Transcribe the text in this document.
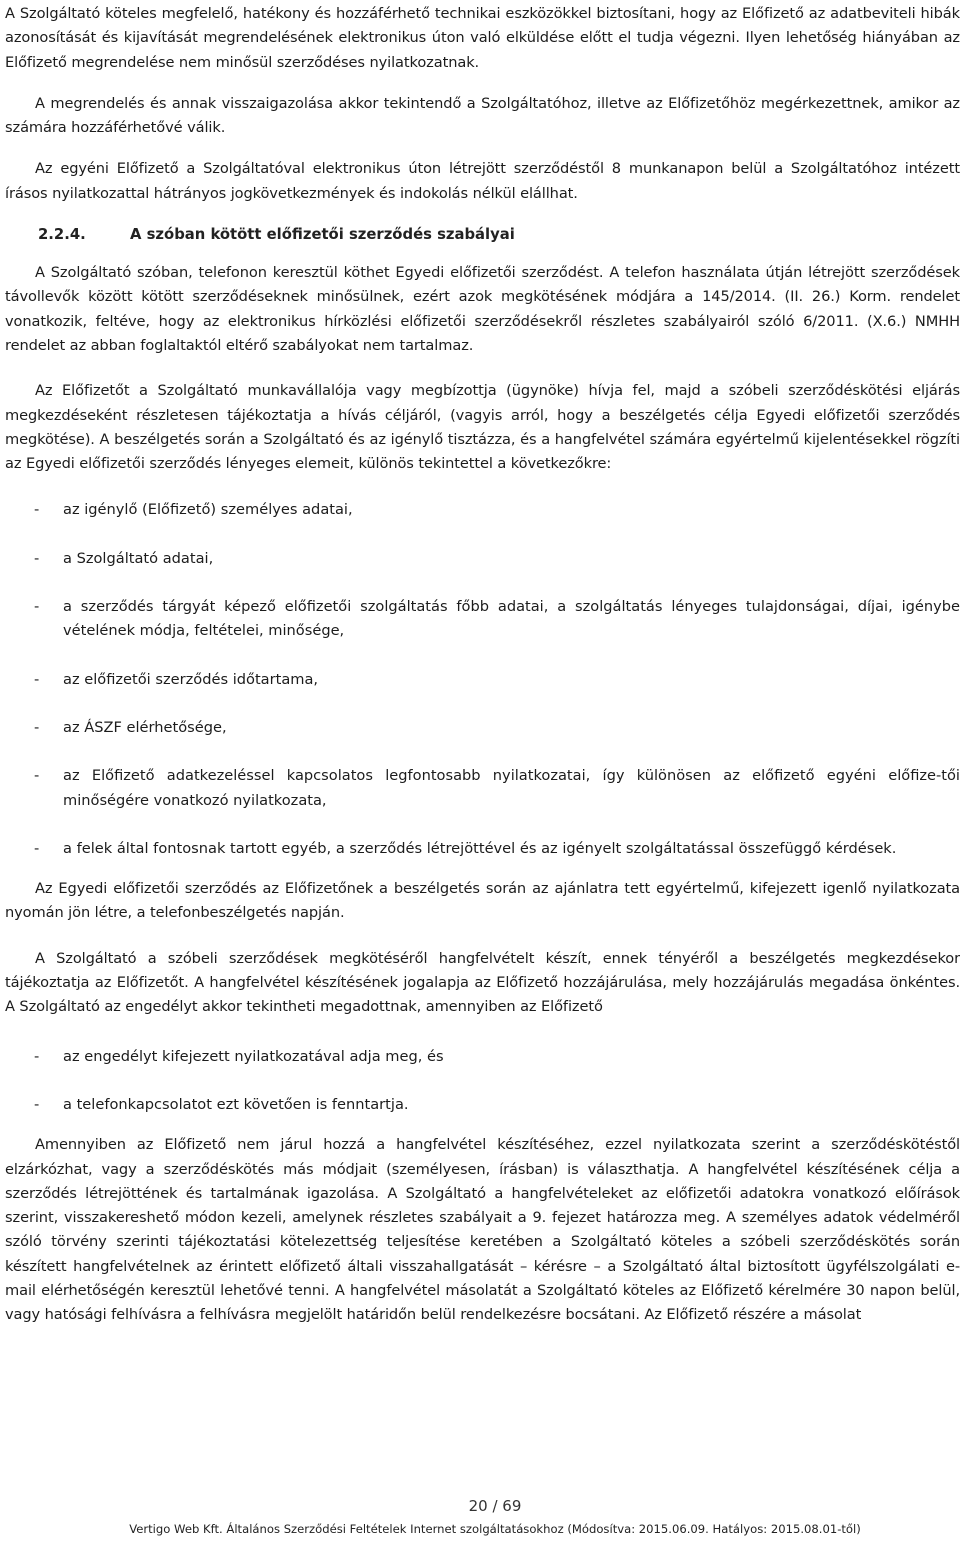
A Szolgáltató köteles megfelelő, hatékony és hozzáférhető technikai eszközökkel biztosítani, hogy az Előfizető az adatbeviteli hibák azonosítását és kijavítását megrendelésének elektronikus úton való elküldése előtt el tudja végezni. Ilyen lehetőség hiányában az Előfizető megrendelése nem minősül szerződéses nyilatkozatnak.

A megrendelés és annak visszaigazolása akkor tekintendő a Szolgáltatóhoz, illetve az Előfizetőhöz megérkezettnek, amikor az számára hozzáférhetővé válik.

Az egyéni Előfizető a Szolgáltatóval elektronikus úton létrejött szerződéstől 8 munkanapon belül a Szolgáltatóhoz intézett írásos nyilatkozattal hátrányos jogkövetkezmények és indokolás nélkül elállhat.

2.2.4.	A szóban kötött előfizetői szerződés szabályai

A Szolgáltató szóban, telefonon keresztül köthet Egyedi előfizetői szerződést. A telefon használata útján létrejött szerződések távollevők között kötött szerződéseknek minősülnek, ezért azok megkötésének módjára a 145/2014. (II. 26.) Korm. rendelet vonatkozik, feltéve, hogy az elektronikus hírközlési előfizetői szerződésekről részletes szabályairól szóló 6/2011. (X.6.) NMHH rendelet az abban foglaltaktól eltérő szabályokat nem tartalmaz.

Az Előfizetőt a Szolgáltató munkavállalója vagy megbízottja (ügynöke) hívja fel, majd a szóbeli szerződéskötési eljárás megkezdéseként részletesen tájékoztatja a hívás céljáról, (vagyis arról, hogy a beszélgetés célja Egyedi előfizetői szerződés megkötése). A beszélgetés során a Szolgáltató és az igénylő tisztázza, és a hangfelvétel számára egyértelmű kijelentésekkel rögzíti az Egyedi előfizetői szerződés lényeges elemeit, különös tekintettel a következőkre:

- az igénylő (Előfizető) személyes adatai,
- a Szolgáltató adatai,
- a szerződés tárgyát képező előfizetői szolgáltatás főbb adatai, a szolgáltatás lényeges tulajdonságai, díjai, igénybe vételének módja, feltételei, minősége,
- az előfizetői szerződés időtartama,
- az ÁSZF elérhetősége,
- az Előfizető adatkezeléssel kapcsolatos legfontosabb nyilatkozatai, így különösen az előfizető egyéni előfize-tői minőségére vonatkozó nyilatkozata,
- a felek által fontosnak tartott egyéb, a szerződés létrejöttével és az igényelt szolgáltatással összefüggő kérdések.

Az Egyedi előfizetői szerződés az Előfizetőnek a beszélgetés során az ajánlatra tett egyértelmű, kifejezett igenlő nyilatkozata nyomán jön létre, a telefonbeszélgetés napján.

A Szolgáltató a szóbeli szerződések megkötéséről hangfelvételt készít, ennek tényéről a beszélgetés megkezdésekor tájékoztatja az Előfizetőt. A hangfelvétel készítésének jogalapja az Előfizető hozzájárulása, mely hozzájárulás megadása önkéntes. A Szolgáltató az engedélyt akkor tekintheti megadottnak, amennyiben az Előfizető

- az engedélyt kifejezett nyilatkozatával adja meg, és
- a telefonkapcsolatot ezt követően is fenntartja.

Amennyiben az Előfizető nem járul hozzá a hangfelvétel készítéséhez, ezzel nyilatkozata szerint a szerződéskötéstől elzárkózhat, vagy a szerződéskötés más módjait (személyesen, írásban) is választhatja. A hangfelvétel készítésének célja a szerződés létrejöttének és tartalmának igazolása. A Szolgáltató a hangfelvételeket az előfizetői adatokra vonatkozó előírások szerint, visszakereshető módon kezeli, amelynek részletes szabályait a 9. fejezet határozza meg. A személyes adatok védelméről szóló törvény szerinti tájékoztatási kötelezettség teljesítése keretében a Szolgáltató köteles a szóbeli szerződéskötés során készített hangfelvételnek az érintett előfizető általi visszahallgatását – kérésre – a Szolgáltató által biztosított ügyfélszolgálati e-mail elérhetőségén keresztül lehetővé tenni. A hangfelvétel másolatát a Szolgáltató köteles az Előfizető kérelmére 30 napon belül, vagy hatósági felhívásra a felhívásra megjelölt határidőn belül rendelkezésre bocsátani. Az Előfizető részére a másolat

20 / 69
Vertigo Web Kft. Általános Szerződési Feltételek Internet szolgáltatásokhoz (Módosítva: 2015.06.09. Hatályos: 2015.08.01-től)
